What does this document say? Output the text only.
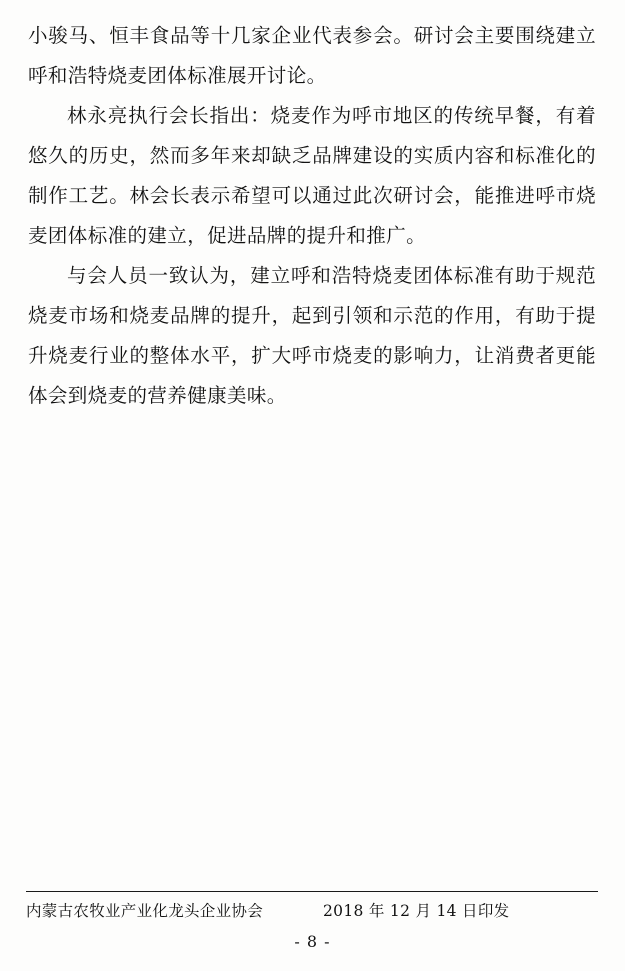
小骏马、恒丰食品等十几家企业代表参会。研讨会主要围绕建立呼和浩特烧麦团体标准展开讨论。

林永亮执行会长指出：烧麦作为呼市地区的传统早餐，有着悠久的历史，然而多年来却缺乏品牌建设的实质内容和标准化的制作工艺。林会长表示希望可以通过此次研讨会，能推进呼市烧麦团体标准的建立，促进品牌的提升和推广。

与会人员一致认为，建立呼和浩特烧麦团体标准有助于规范烧麦市场和烧麦品牌的提升，起到引领和示范的作用，有助于提升烧麦行业的整体水平，扩大呼市烧麦的影响力，让消费者更能体会到烧麦的营养健康美味。

内蒙古农牧业产业化龙头企业协会	2018 年 12 月 14 日印发
- 8 -
